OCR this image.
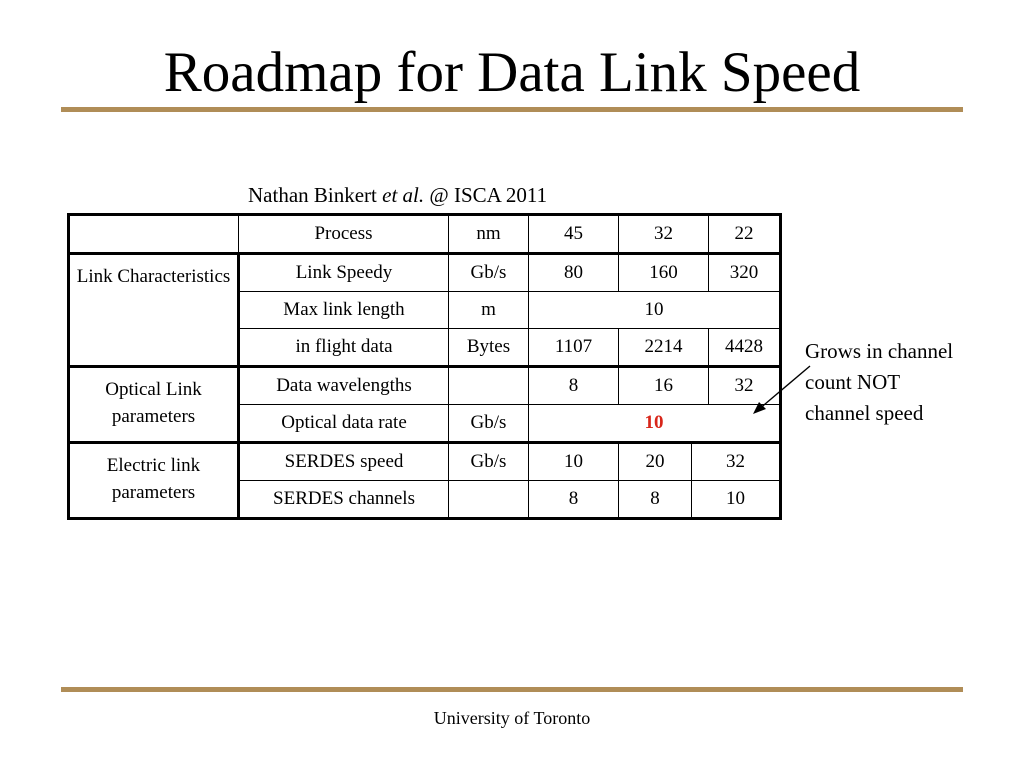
Roadmap for Data Link Speed
Nathan Binkert et al. @ ISCA 2011
	Process	nm	45	32		22
Link Characteristics	Link Speedy	Gb/s	80	160		320
	Max link length	m	10			
	in flight data	Bytes	1107	2214		4428
Optical Link parameters	Data wavelengths		8	16		32
	Optical data rate	Gb/s	10			
Electric link parameters	SERDES speed	Gb/s	10	20	32	
	SERDES channels		8	8	10	
Grows in channel
count NOT
channel speed
University of Toronto
